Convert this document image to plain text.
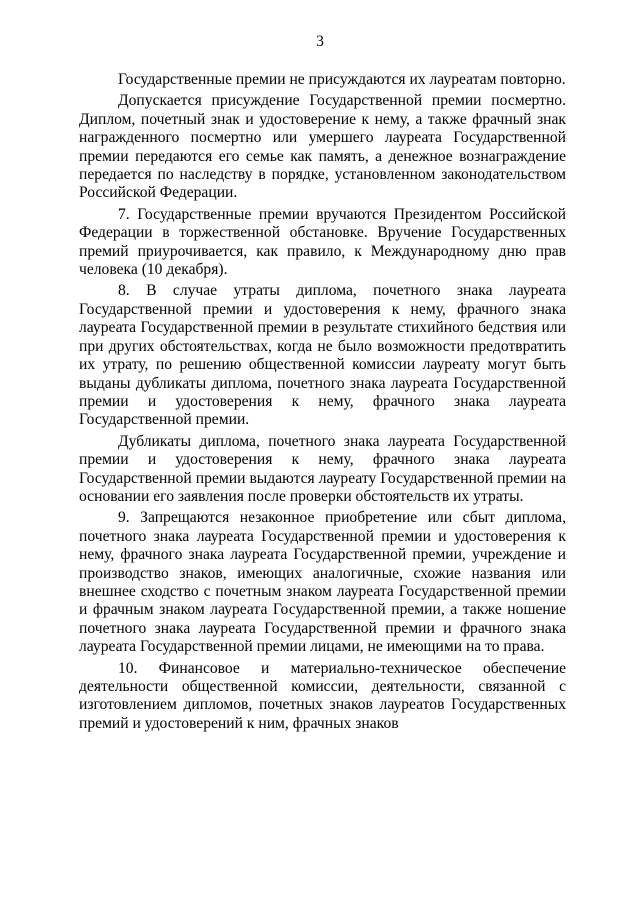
3

Государственные премии не присуждаются их лауреатам повторно.

Допускается присуждение Государственной премии посмертно. Диплом, почетный знак и удостоверение к нему, а также фрачный знак награжденного посмертно или умершего лауреата Государственной премии передаются его семье как память, а денежное вознаграждение передается по наследству в порядке, установленном законодательством Российской Федерации.

7. Государственные премии вручаются Президентом Российской Федерации в торжественной обстановке. Вручение Государственных премий приурочивается, как правило, к Международному дню прав человека (10 декабря).

8. В случае утраты диплома, почетного знака лауреата Государственной премии и удостоверения к нему, фрачного знака лауреата Государственной премии в результате стихийного бедствия или при других обстоятельствах, когда не было возможности предотвратить их утрату, по решению общественной комиссии лауреату могут быть выданы дубликаты диплома, почетного знака лауреата Государственной премии и удостоверения к нему, фрачного знака лауреата Государственной премии.

Дубликаты диплома, почетного знака лауреата Государственной премии и удостоверения к нему, фрачного знака лауреата Государственной премии выдаются лауреату Государственной премии на основании его заявления после проверки обстоятельств их утраты.

9. Запрещаются незаконное приобретение или сбыт диплома, почетного знака лауреата Государственной премии и удостоверения к нему, фрачного знака лауреата Государственной премии, учреждение и производство знаков, имеющих аналогичные, схожие названия или внешнее сходство с почетным знаком лауреата Государственной премии и фрачным знаком лауреата Государственной премии, а также ношение почетного знака лауреата Государственной премии и фрачного знака лауреата Государственной премии лицами, не имеющими на то права.

10. Финансовое и материально-техническое обеспечение деятельности общественной комиссии, деятельности, связанной с изготовлением дипломов, почетных знаков лауреатов Государственных премий и удостоверений к ним, фрачных знаков
